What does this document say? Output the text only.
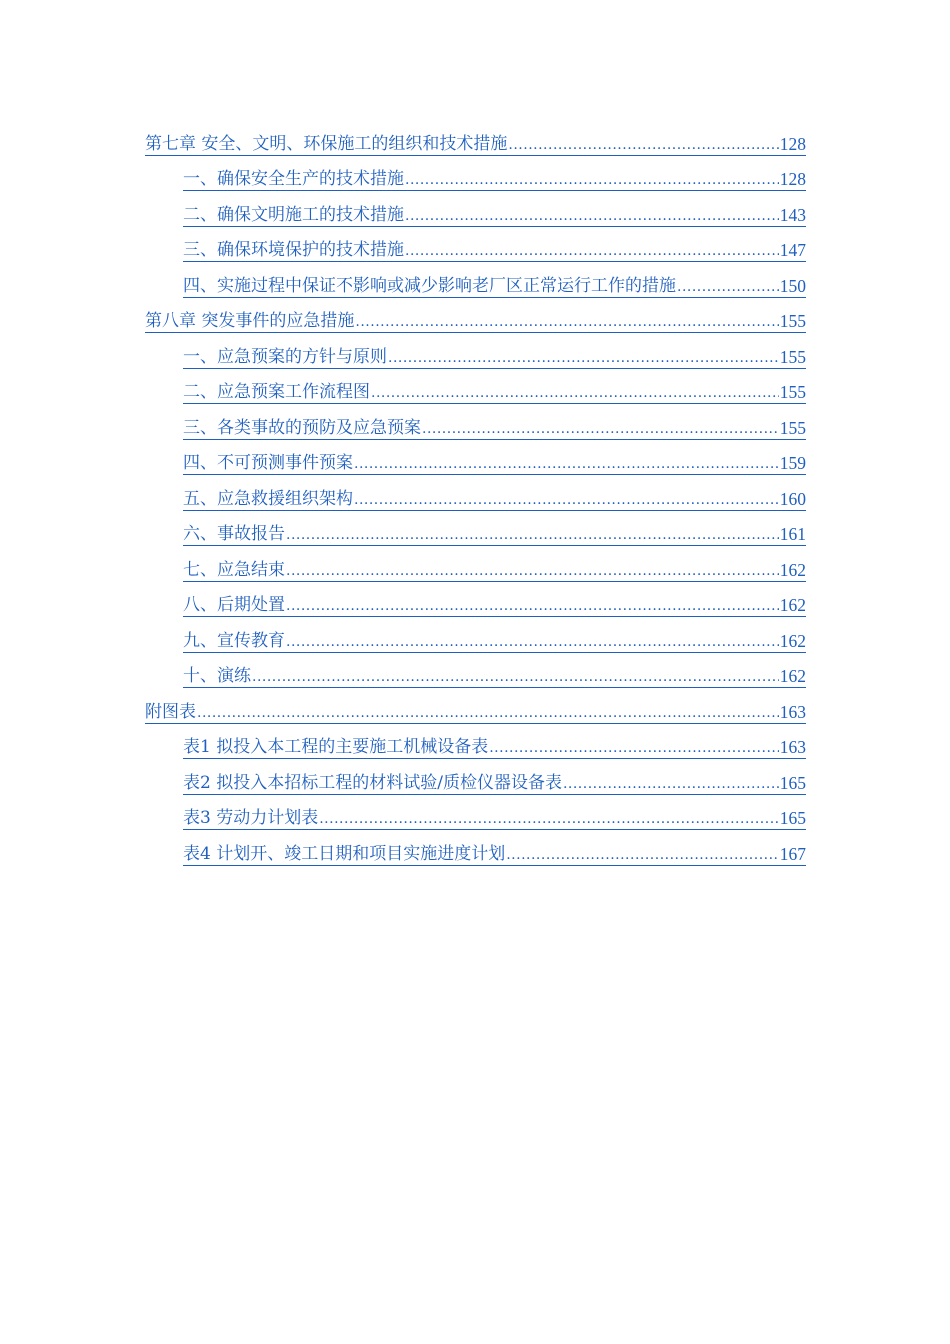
第七章 安全、文明、环保施工的组织和技术措施 .....	128
一、确保安全生产的技术措施 .....	128
二、确保文明施工的技术措施 .....	143
三、确保环境保护的技术措施 .....	147
四、实施过程中保证不影响或减少影响老厂区正常运行工作的措施 .....	150
第八章 突发事件的应急措施 .....	155
一、应急预案的方针与原则 .....	155
二、应急预案工作流程图 .....	155
三、各类事故的预防及应急预案 .....	155
四、不可预测事件预案 .....	159
五、应急救援组织架构 .....	160
六、事故报告 .....	161
七、应急结束 .....	162
八、后期处置 .....	162
九、宣传教育 .....	162
十、演练 .....	162
附图表 .....	163
表1 拟投入本工程的主要施工机械设备表 .....	163
表2 拟投入本招标工程的材料试验/质检仪器设备表 .....	165
表3 劳动力计划表 .....	165
表4 计划开、竣工日期和项目实施进度计划 .....	167
